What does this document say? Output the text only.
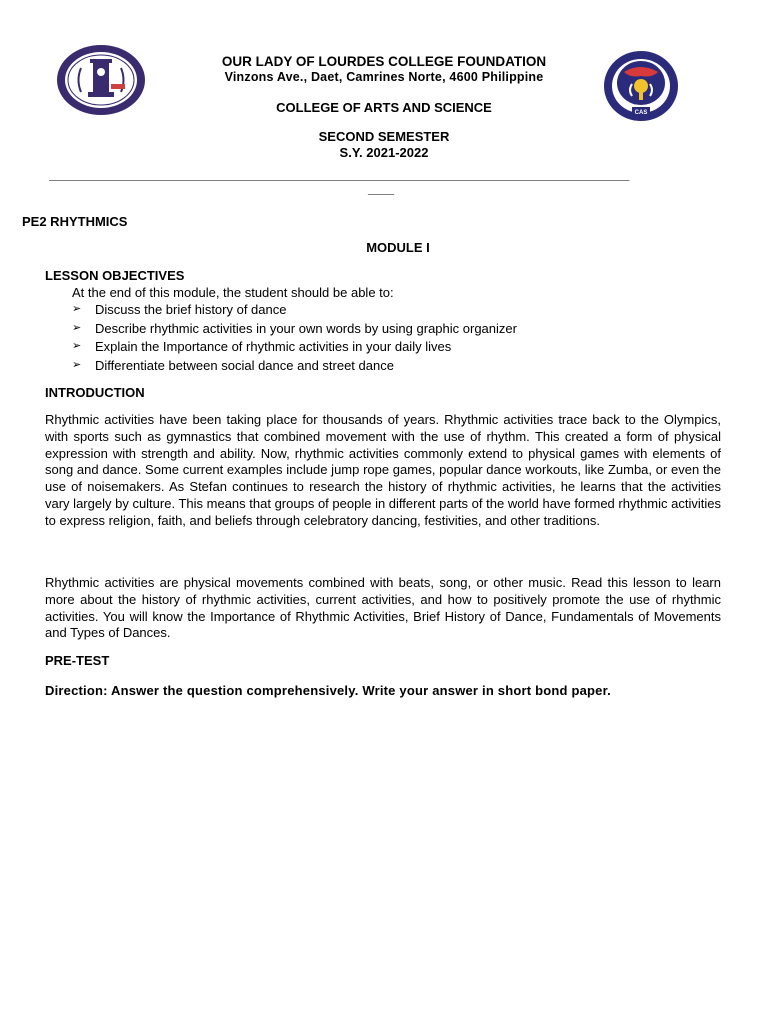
CAS
OUR LADY OF LOURDES COLLEGE FOUNDATION
Vinzons Ave., Daet, Camrines Norte, 4600 Philippine
COLLEGE OF ARTS AND SCIENCE
SECOND SEMESTER
S.Y. 2021-2022
_____________________________________________________________________________________________
____
PE2 RHYTHMICS
MODULE I
LESSON OBJECTIVES
At the end of this module, the student should be able to:
➢	Discuss the brief history of dance
➢	Describe rhythmic activities in your own words by using graphic organizer
➢	Explain the Importance of rhythmic activities in your daily lives
➢	Differentiate between social dance and street dance
INTRODUCTION

Rhythmic activities have been taking place for thousands of years. Rhythmic activities trace back to the Olympics, with sports such as gymnastics that combined movement with the use of rhythm. This created a form of physical expression with strength and ability. Now, rhythmic activities commonly extend to physical games with elements of song and dance. Some current examples include jump rope games, popular dance workouts, like Zumba, or even the use of noisemakers. As Stefan continues to research the history of rhythmic activities, he learns that the activities vary largely by culture. This means that groups of people in different parts of the world have formed rhythmic activities to express religion, faith, and beliefs through celebratory dancing, festivities, and other traditions.

Rhythmic activities are physical movements combined with beats, song, or other music. Read this lesson to learn more about the history of rhythmic activities, current activities, and how to positively promote the use of rhythmic activities. You will know the Importance of Rhythmic Activities, Brief History of Dance, Fundamentals of Movements and Types of Dances.

PRE-TEST
Direction: Answer the question comprehensively. Write your answer in short bond paper.
